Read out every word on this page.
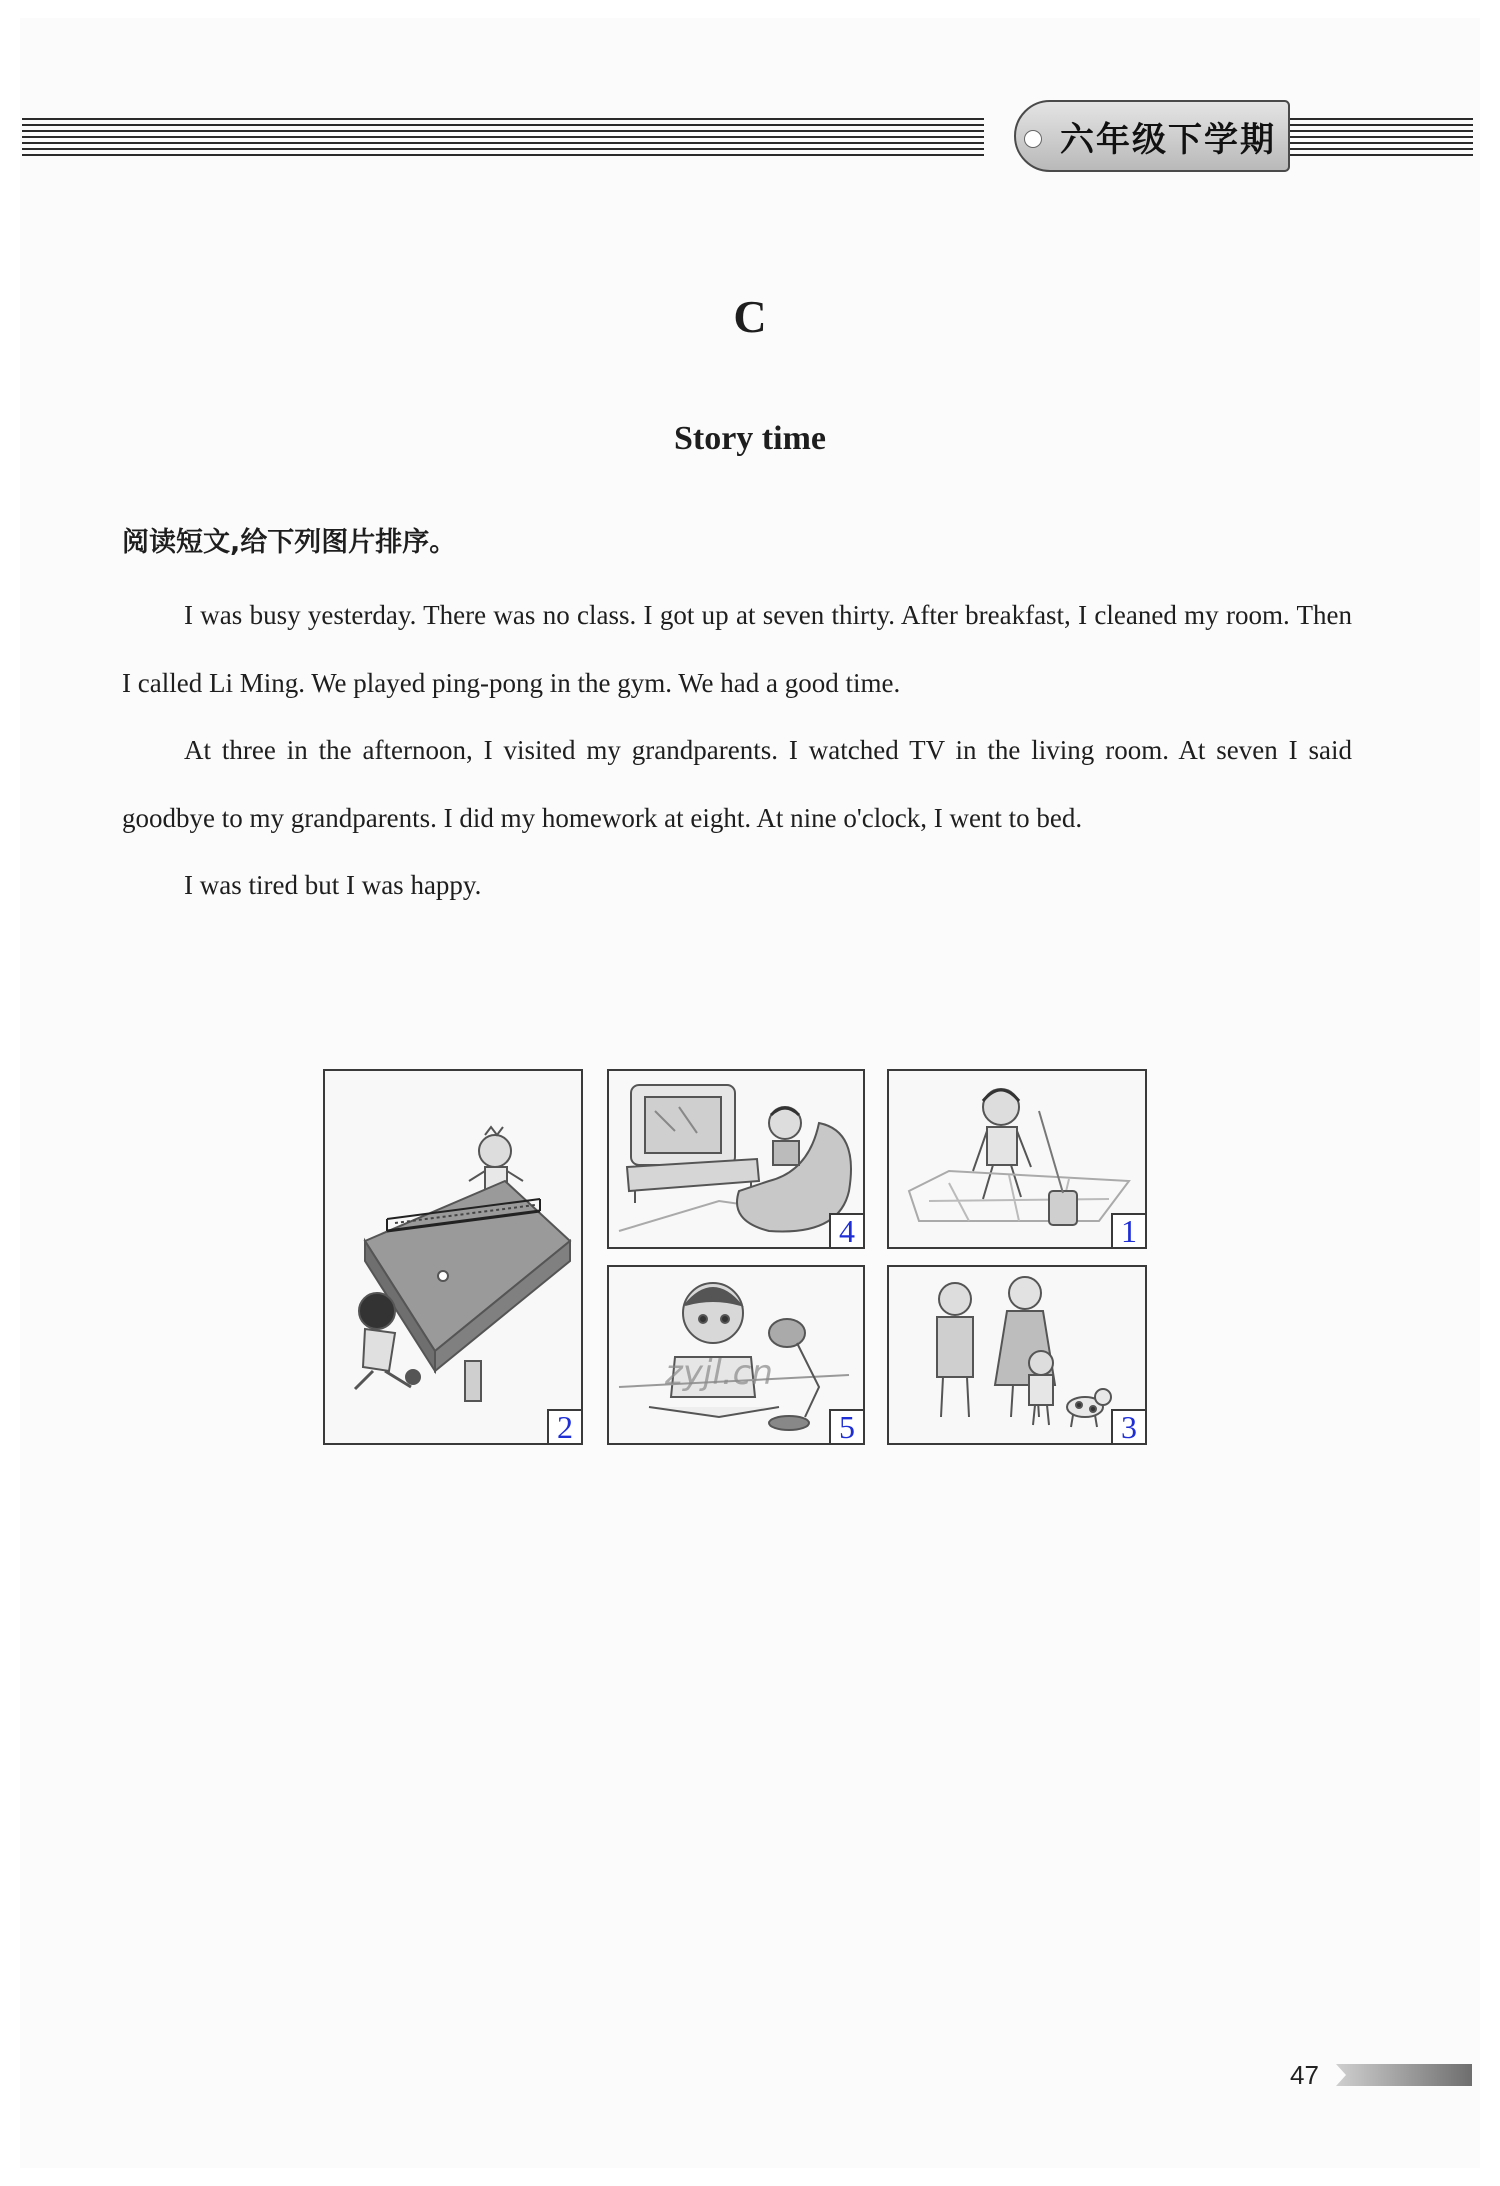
六年级下学期
C
Story time
阅读短文,给下列图片排序。

I was busy yesterday. There was no class. I got up at seven thirty. After breakfast, I cleaned my room. Then I called Li Ming. We played ping-pong in the gym. We had a good time.

At three in the afternoon, I visited my grandparents. I watched TV in the living room. At seven I said goodbye to my grandparents. I did my homework at eight. At nine o'clock, I went to bed.

I was tired but I was happy.

2
4	1
zyjl.cn
5	3
47
